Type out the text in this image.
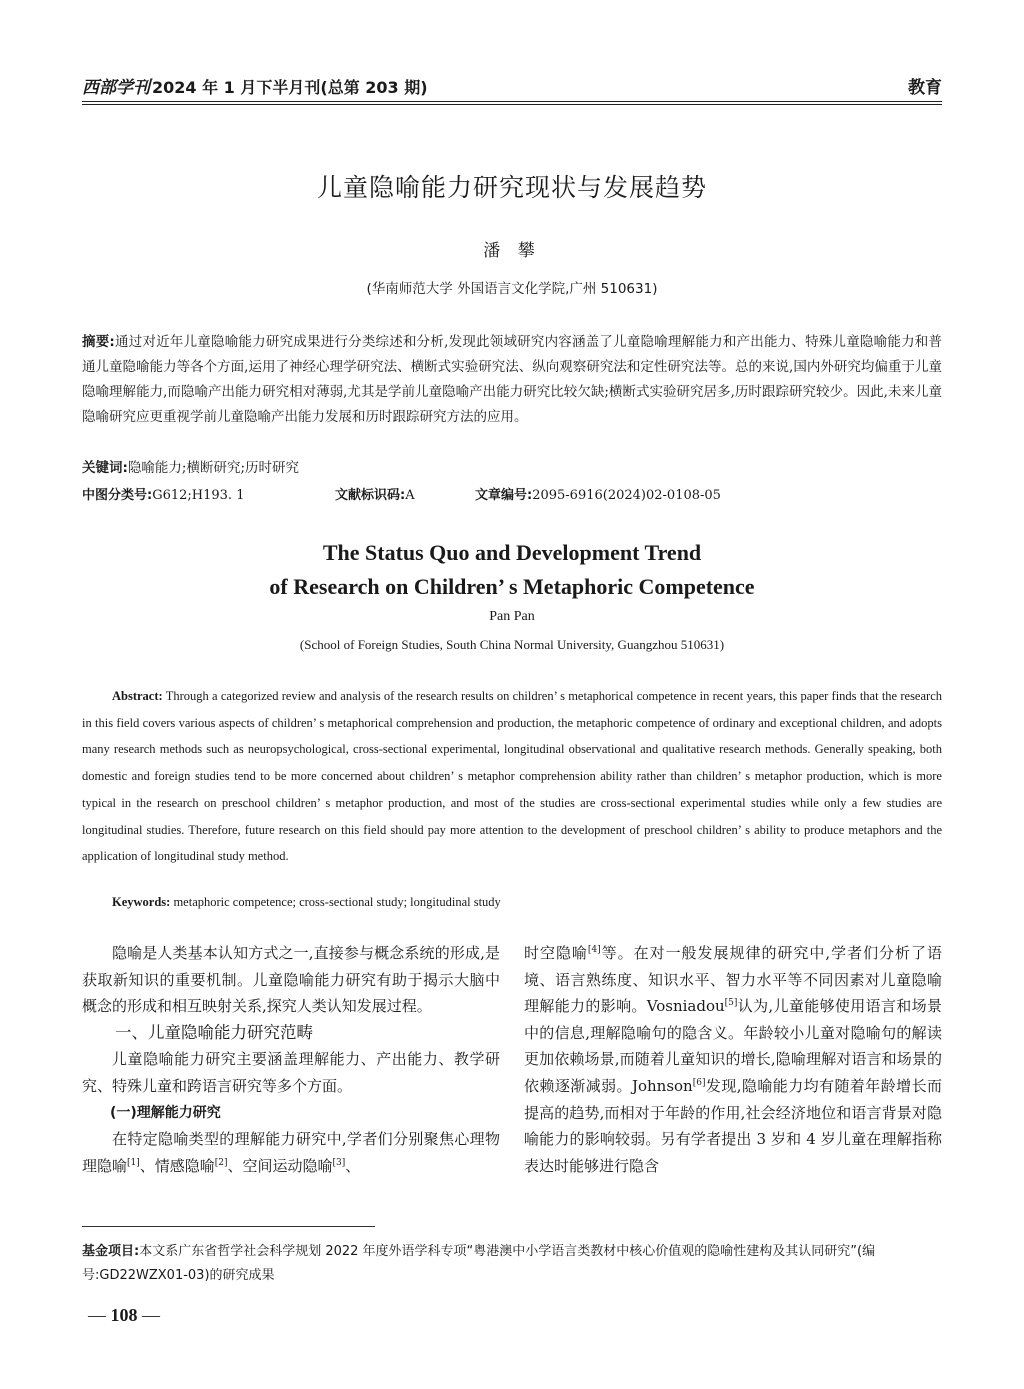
西部学刊 2024 年 1 月下半月刊(总第 203 期)	教育
儿童隐喻能力研究现状与发展趋势
潘 攀
(华南师范大学 外国语言文化学院,广州 510631)
摘要:通过对近年儿童隐喻能力研究成果进行分类综述和分析,发现此领域研究内容涵盖了儿童隐喻理解能力和产出能力、特殊儿童隐喻能力和普通儿童隐喻能力等各个方面,运用了神经心理学研究法、横断式实验研究法、纵向观察研究法和定性研究法等。总的来说,国内外研究均偏重于儿童隐喻理解能力,而隐喻产出能力研究相对薄弱,尤其是学前儿童隐喻产出能力研究比较欠缺;横断式实验研究居多,历时跟踪研究较少。因此,未来儿童隐喻研究应更重视学前儿童隐喻产出能力发展和历时跟踪研究方法的应用。
关键词:隐喻能力;横断研究;历时研究
中图分类号:G612;H193. 1	文献标识码:A	文章编号:2095-6916(2024)02-0108-05
The Status Quo and Development Trend
of Research on Children’ s Metaphoric Competence
Pan Pan
(School of Foreign Studies, South China Normal University, Guangzhou 510631)
Abstract: Through a categorized review and analysis of the research results on children’ s metaphorical competence in recent years, this paper finds that the research in this field covers various aspects of children’ s metaphorical comprehension and production, the metaphoric competence of ordinary and exceptional children, and adopts many research methods such as neuropsychological, cross-sectional experimental, longitudinal observational and qualitative research methods. Generally speaking, both domestic and foreign studies tend to be more concerned about children’ s metaphor comprehension ability rather than children’ s metaphor production, which is more typical in the research on preschool children’ s metaphor production, and most of the studies are cross-sectional experimental studies while only a few studies are longitudinal studies. Therefore, future research on this field should pay more attention to the development of preschool children’ s ability to produce metaphors and the application of longitudinal study method.
Keywords: metaphoric competence; cross-sectional study; longitudinal study

隐喻是人类基本认知方式之一,直接参与概念系统的形成,是获取新知识的重要机制。儿童隐喻能力研究有助于揭示大脑中概念的形成和相互映射关系,探究人类认知发展过程。

一、儿童隐喻能力研究范畴

儿童隐喻能力研究主要涵盖理解能力、产出能力、教学研究、特殊儿童和跨语言研究等多个方面。

(一)理解能力研究

在特定隐喻类型的理解能力研究中,学者们分别聚焦心理物理隐喻[1]、情感隐喻[2]、空间运动隐喻[3]、

时空隐喻[4]等。在对一般发展规律的研究中,学者们分析了语境、语言熟练度、知识水平、智力水平等不同因素对儿童隐喻理解能力的影响。Vosniadou[5]认为,儿童能够使用语言和场景中的信息,理解隐喻句的隐含义。年龄较小儿童对隐喻句的解读更加依赖场景,而随着儿童知识的增长,隐喻理解对语言和场景的依赖逐渐减弱。Johnson[6]发现,隐喻能力均有随着年龄增长而提高的趋势,而相对于年龄的作用,社会经济地位和语言背景对隐喻能力的影响较弱。另有学者提出 3 岁和 4 岁儿童在理解指称表达时能够进行隐含

基金项目:本文系广东省哲学社会科学规划 2022 年度外语学科专项“粤港澳中小学语言类教材中核心价值观的隐喻性建构及其认同研究”(编号:GD22WZX01-03)的研究成果
— 108 —
